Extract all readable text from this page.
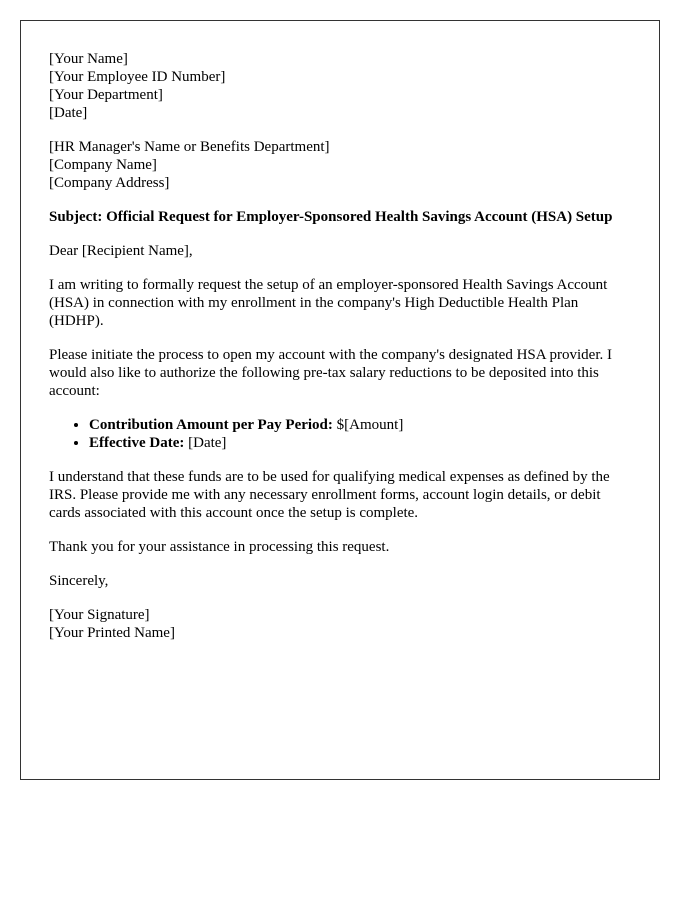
[Your Name]
[Your Employee ID Number]
[Your Department]
[Date]
[HR Manager's Name or Benefits Department]
[Company Name]
[Company Address]

Subject: Official Request for Employer-Sponsored Health Savings Account (HSA) Setup

Dear [Recipient Name],

I am writing to formally request the setup of an employer-sponsored Health Savings Account (HSA) in connection with my enrollment in the company's High Deductible Health Plan (HDHP).

Please initiate the process to open my account with the company's designated HSA provider. I would also like to authorize the following pre-tax salary reductions to be deposited into this account:

• Contribution Amount per Pay Period: $[Amount]
• Effective Date: [Date]

I understand that these funds are to be used for qualifying medical expenses as defined by the IRS. Please provide me with any necessary enrollment forms, account login details, or debit cards associated with this account once the setup is complete.

Thank you for your assistance in processing this request.

Sincerely,

[Your Signature]
[Your Printed Name]
